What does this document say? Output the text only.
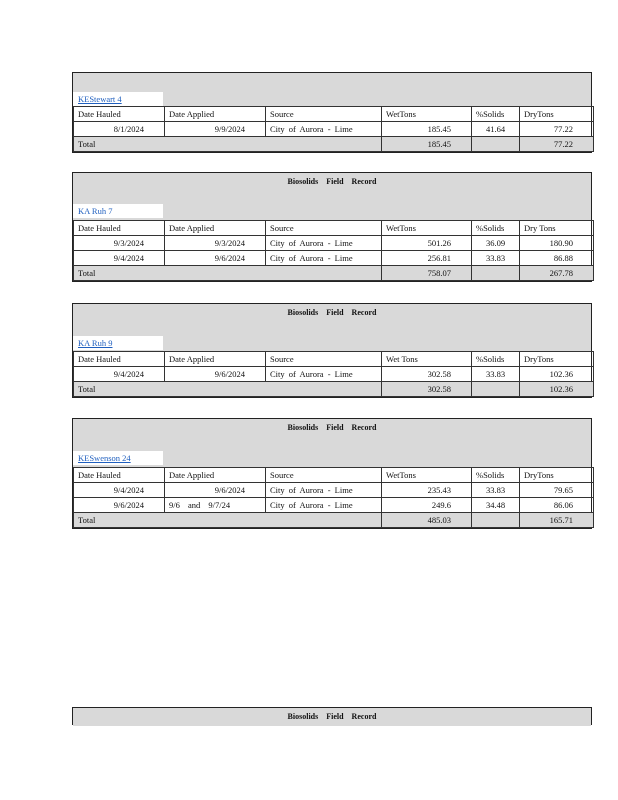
KEStewart 4
Date Hauled	Date Applied	Source	WetTons	%Solids	DryTons
8/1/2024	9/9/2024	City of Aurora - Lime	185.45	41.64	77.22
Total			185.45		77.22
Biosolids Field Record
KA Ruh 7
Date Hauled	Date Applied	Source	WetTons	%Solids	Dry Tons
9/3/2024	9/3/2024	City of Aurora - Lime	501.26	36.09	180.90
9/4/2024	9/6/2024	City of Aurora - Lime	256.81	33.83	86.88
Total			758.07		267.78
Biosolids Field Record
KA Ruh 9
Date Hauled	Date Applied	Source	Wet Tons	%Solids	DryTons
9/4/2024	9/6/2024	City of Aurora - Lime	302.58	33.83	102.36
Total			302.58		102.36
Biosolids Field Record
KESwenson 24
Date Hauled	Date Applied	Source	WetTons	%Solids	DryTons
9/4/2024	9/6/2024	City of Aurora - Lime	235.43	33.83	79.65
9/6/2024	9/6 and 9/7/24	City of Aurora - Lime	249.6	34.48	86.06
Total			485.03		165.71
Biosolids Field Record
